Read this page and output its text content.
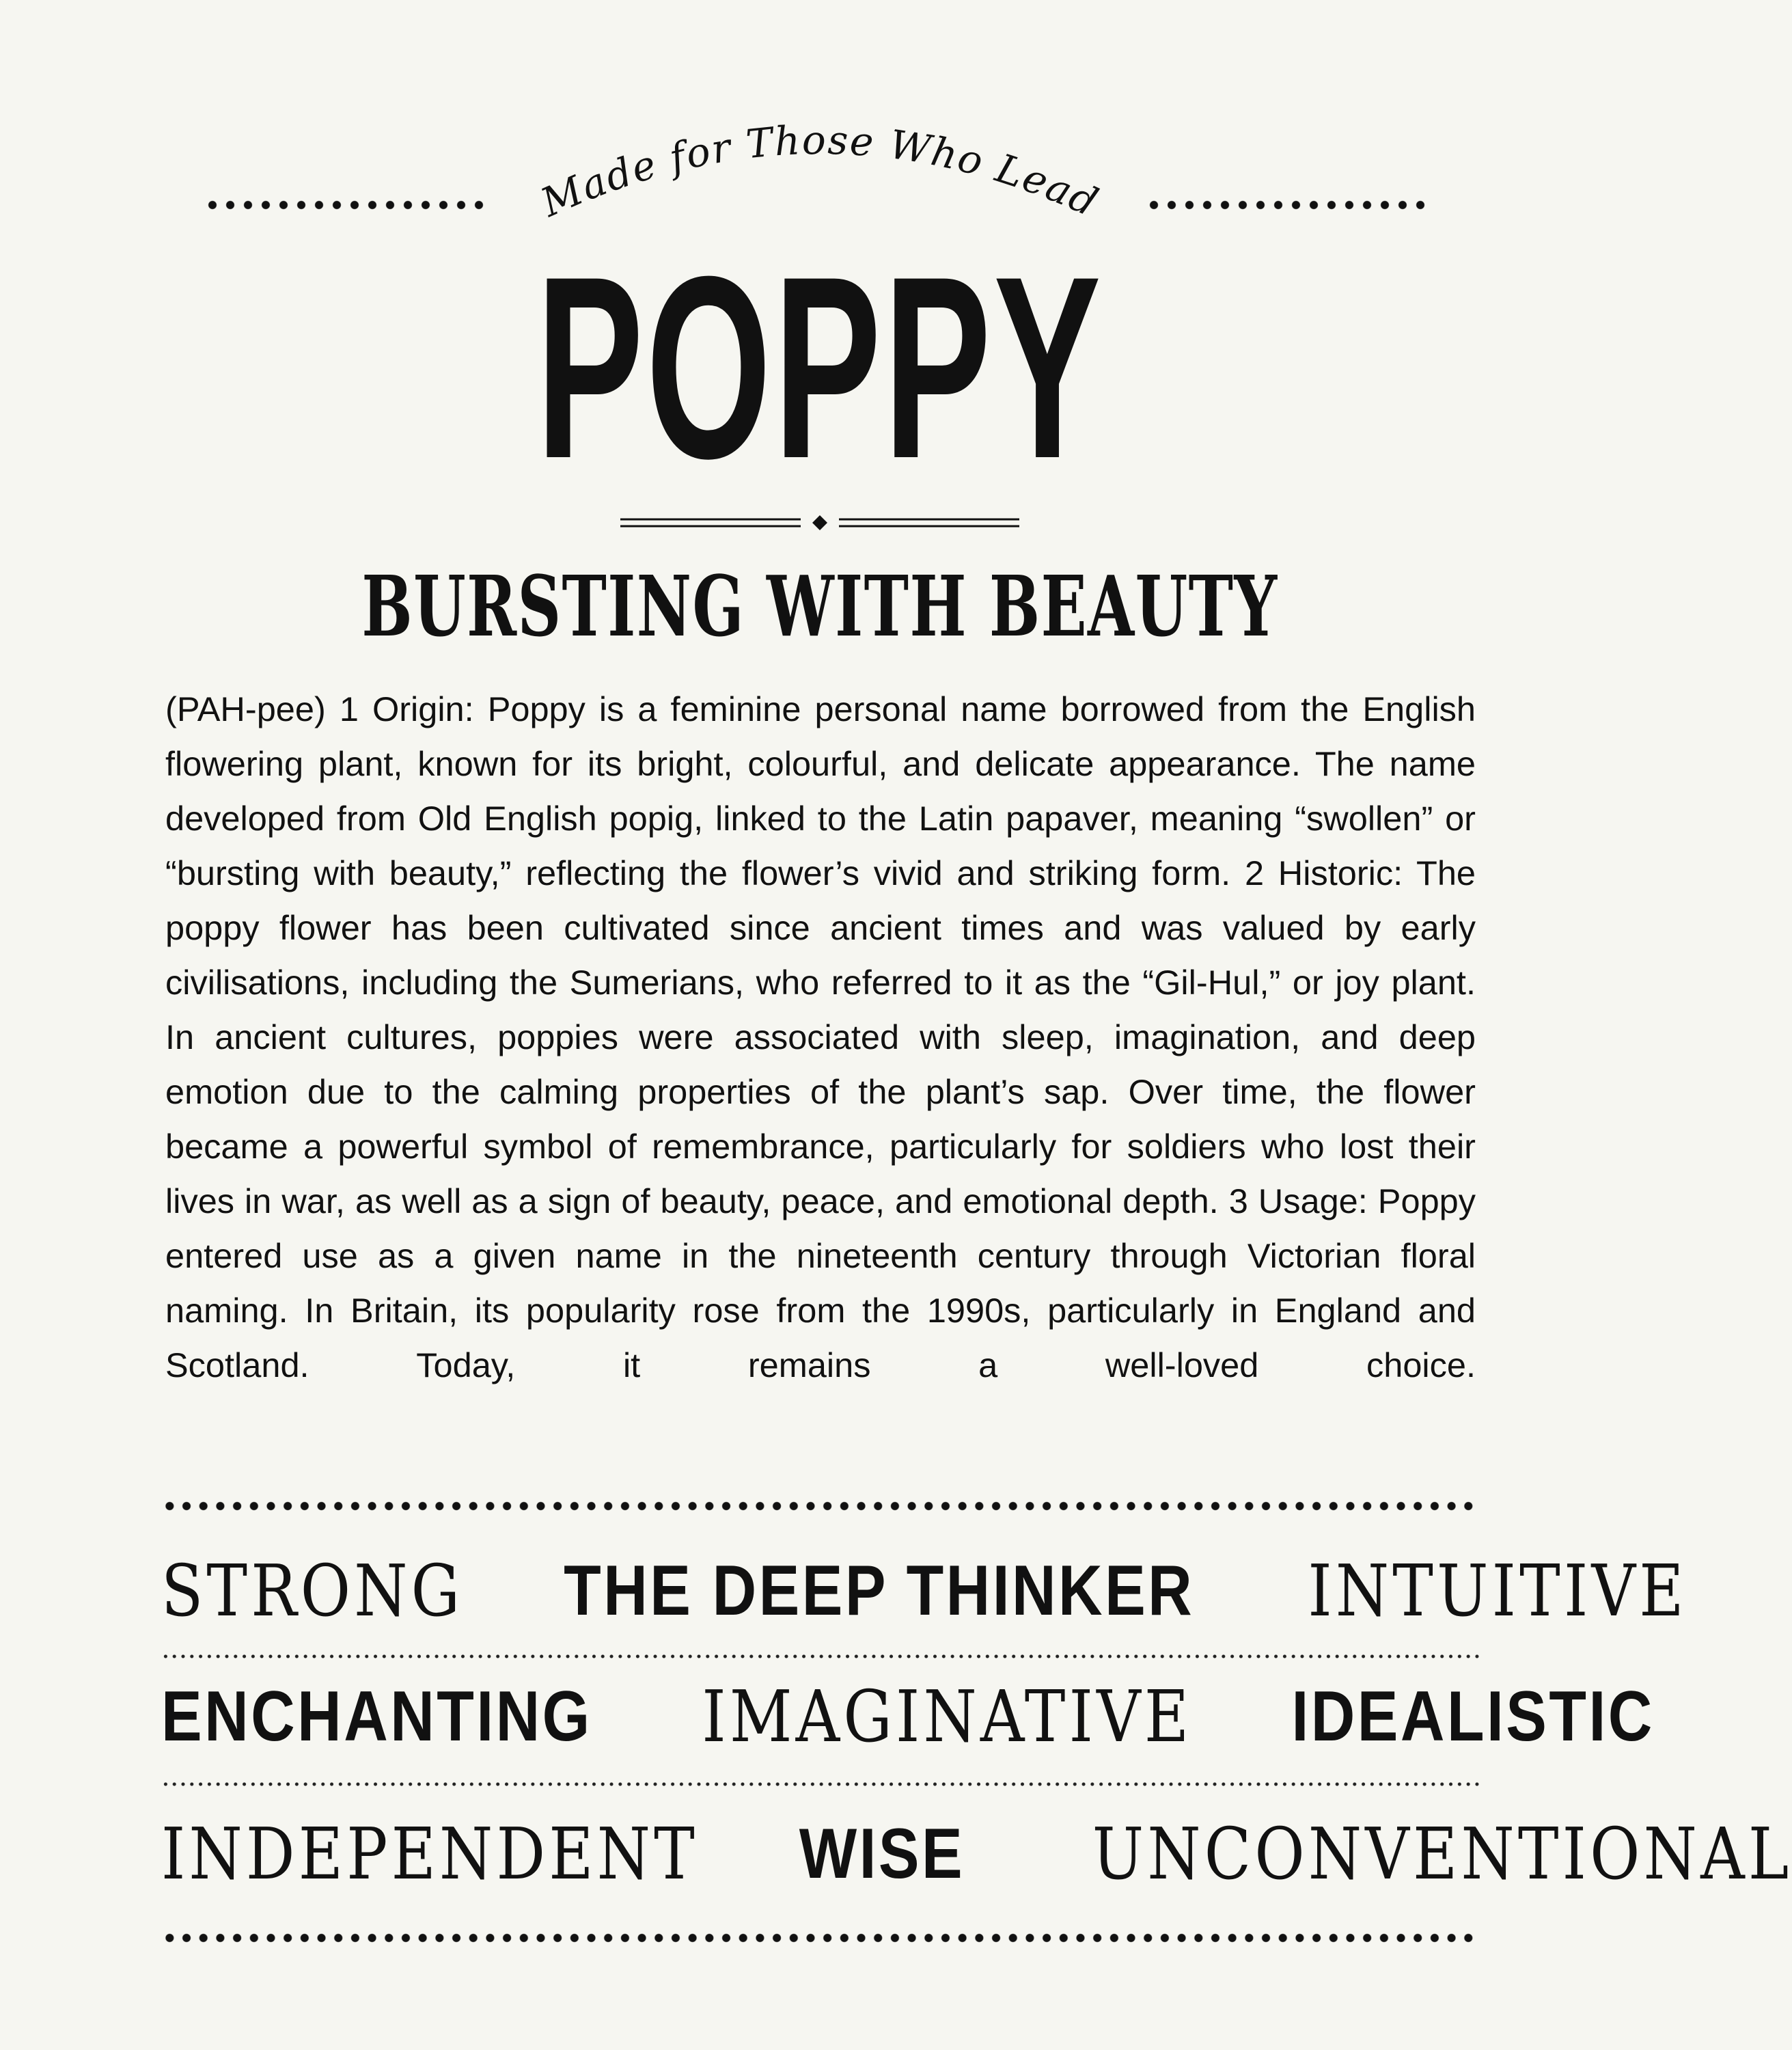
Made for Those Who Lead
POPPY
BURSTING WITH BEAUTY

(PAH-pee) 1 Origin: Poppy is a feminine personal name borrowed from the English flowering plant, known for its bright, colourful, and delicate appearance. The name developed from Old English popig, linked to the Latin papaver, meaning “swollen” or “bursting with beauty,” reflecting the flower’s vivid and striking form. 2 Historic: The poppy flower has been cultivated since ancient times and was valued by early civilisations, including the Sumerians, who referred to it as the “Gil-Hul,” or joy plant. In ancient cultures, poppies were associated with sleep, imagination, and deep emotion due to the calming properties of the plant’s sap. Over time, the flower became a powerful symbol of remembrance, particularly for soldiers who lost their lives in war, as well as a sign of beauty, peace, and emotional depth. 3 Usage: Poppy entered use as a given name in the nineteenth century through Victorian floral naming. In Britain, its popularity rose from the 1990s, particularly in England and Scotland. Today, it remains a well-loved choice.

STRONG THE DEEP THINKER INTUITIVE
ENCHANTING IMAGINATIVE IDEALISTIC
INDEPENDENT WISE UNCONVENTIONAL
